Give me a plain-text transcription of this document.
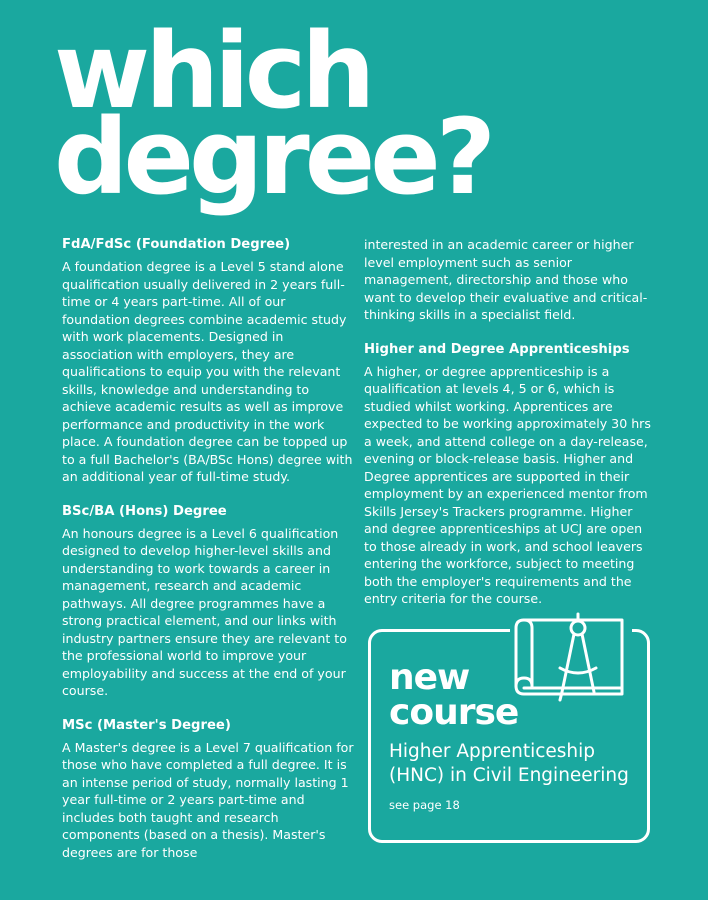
which
degree?

FdA/FdSc (Foundation Degree)

A foundation degree is a Level 5 stand alone qualification usually delivered in 2 years full-time or 4 years part-time. All of our foundation degrees combine academic study with work placements. Designed in association with employers, they are qualifications to equip you with the relevant skills, knowledge and understanding to achieve academic results as well as improve performance and productivity in the work place. A foundation degree can be topped up to a full Bachelor's (BA/BSc Hons) degree with an additional year of full-time study.

BSc/BA (Hons) Degree

An honours degree is a Level 6 qualification designed to develop higher-level skills and understanding to work towards a career in management, research and academic pathways. All degree programmes have a strong practical element, and our links with industry partners ensure they are relevant to the professional world to improve your employability and success at the end of your course.

MSc (Master's Degree)

A Master's degree is a Level 7 qualification for those who have completed a full degree. It is an intense period of study, normally lasting 1 year full-time or 2 years part-time and includes both taught and research components (based on a thesis). Master's degrees are for those

interested in an academic career or higher level employment such as senior management, directorship and those who want to develop their evaluative and critical-thinking skills in a specialist field.

Higher and Degree Apprenticeships

A higher, or degree apprenticeship is a qualification at levels 4, 5 or 6, which is studied whilst working. Apprentices are expected to be working approximately 30 hrs a week, and attend college on a day-release, evening or block-release basis. Higher and Degree apprentices are supported in their employment by an experienced mentor from Skills Jersey's Trackers programme. Higher and degree apprenticeships at UCJ are open to those already in work, and school leavers entering the workforce, subject to meeting both the employer's requirements and the entry criteria for the course.

new
course
Higher Apprenticeship
(HNC) in Civil Engineering
see page 18
